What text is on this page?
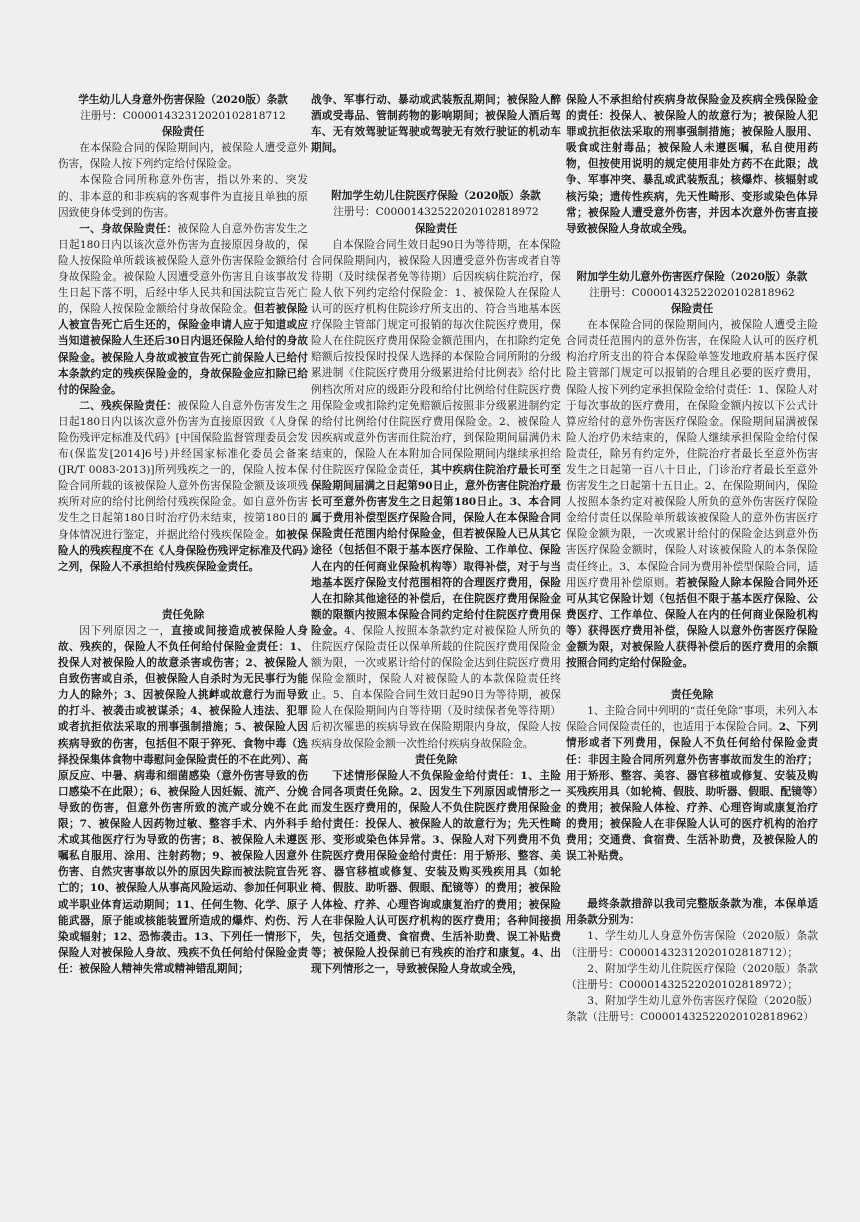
学生幼儿人身意外伤害保险（2020版）条款

注册号：C00001432312020102818712

保险责任

在本保险合同的保险期间内，被保险人遭受意外伤害，保险人按下列约定给付保险金。

本保险合同所称意外伤害，指以外来的、突发的、非本意的和非疾病的客观事件为直接且单独的原因致使身体受到的伤害。

一、身故保险责任：被保险人自意外伤害发生之日起180日内以该次意外伤害为直接原因身故的，保险人按保险单所载该被保险人意外伤害保险金额给付身故保险金。被保险人因遭受意外伤害且自该事故发生日起下落不明，后经中华人民共和国法院宣告死亡的，保险人按保险金额给付身故保险金。但若被保险人被宣告死亡后生还的，保险金申请人应于知道或应当知道被保险人生还后30日内退还保险人给付的身故保险金。被保险人身故或被宣告死亡前保险人已给付本条款约定的残疾保险金的，身故保险金应扣除已给付的保险金。

二、残疾保险责任：被保险人自意外伤害发生之日起180日内以该次意外伤害为直接原因致《人身保险伤残评定标准及代码》[中国保险监督管理委员会发布(保监发[2014]6号)并经国家标准化委员会备案(JR/T 0083-2013)]所列残疾之一的，保险人按本保险合同所载的该被保险人意外伤害保险金额及该项残疾所对应的给付比例给付残疾保险金。如自意外伤害发生之日起第180日时治疗仍未结束，按第180日的身体情况进行鉴定，并据此给付残疾保险金。如被保险人的残疾程度不在《人身保险伤残评定标准及代码》之列，保险人不承担给付残疾保险金责任。

责任免除

因下列原因之一，直接或间接造成被保险人身故、残疾的，保险人不负任何给付保险金责任：1、投保人对被保险人的故意杀害或伤害；2、被保险人自致伤害或自杀，但被保险人自杀时为无民事行为能力人的除外；3、因被保险人挑衅或故意行为而导致的打斗、被袭击或被谋杀；4、被保险人违法、犯罪或者抗拒依法采取的刑事强制措施；5、被保险人因疾病导致的伤害，包括但不限于猝死、食物中毒（选择投保集体食物中毒慰问金保险责任的不在此列）、高原反应、中暑、病毒和细菌感染（意外伤害导致的伤口感染不在此限）；6、被保险人因妊娠、流产、分娩导致的伤害，但意外伤害所致的流产或分娩不在此限；7、被保险人因药物过敏、整容手术、内外科手术或其他医疗行为导致的伤害；8、被保险人未遵医嘱私自服用、涂用、注射药物；9、被保险人因意外伤害、自然灾害事故以外的原因失踪而被法院宣告死亡的；10、被保险人从事高风险运动、参加任何职业或半职业体育运动期间；11、任何生物、化学、原子能武器，原子能或核能装置所造成的爆炸、灼伤、污染或辐射；12、恐怖袭击。13、下列任一情形下，保险人对被保险人身故、残疾不负任何给付保险金责任：被保险人精神失常或精神错乱期间；

战争、军事行动、暴动或武装叛乱期间；被保险人醉酒或受毒品、管制药物的影响期间；被保险人酒后驾车、无有效驾驶证驾驶或驾驶无有效行驶证的机动车期间。

附加学生幼儿住院医疗保险（2020版）条款

注册号：C00001432522020102818972

保险责任

自本保险合同生效日起90日为等待期，在本保险合同保险期间内，被保险人因遭受意外伤害或者自等待期（及时续保者免等待期）后因疾病住院治疗，保险人依下列约定给付保险金：1、被保险人在保险人认可的医疗机构住院诊疗所支出的、符合当地基本医疗保险主管部门规定可报销的每次住院医疗费用，保险人在住院医疗费用保险金额范围内，在扣除约定免赔额后按投保时投保人选择的本保险合同所附的分级累进制《住院医疗费用分级累进给付比例表》给付比例档次所对应的级距分段和给付比例给付住院医疗费用保险金或扣除约定免赔额后按照非分级累进制约定的给付比例给付住院医疗费用保险金。2、被保险人因疾病或意外伤害而住院治疗，到保险期间届满仍未结束的，保险人在本附加合同保险期间内继续承担给付住院医疗保险金责任，其中疾病住院治疗最长可至保险期间届满之日起第90日止，意外伤害住院治疗最长可至意外伤害发生之日起第180日止。3、本合同属于费用补偿型医疗保险合同，保险人在本保险合同保险责任范围内给付保险金，但若被保险人已从其它途径（包括但不限于基本医疗保险、工作单位、保险人在内的任何商业保险机构等）取得补偿，对于与当地基本医疗保险支付范围相符的合理医疗费用，保险人在扣除其他途径的补偿后，在住院医疗费用保险金额的限额内按照本保险合同约定给付住院医疗费用保险金。4、保险人按照本条款约定对被保险人所负的住院医疗保险责任以保单所载的住院医疗费用保险金额为限，一次或累计给付的保险金达到住院医疗费用保险金额时，保险人对被保险人的本款保险责任终止。5、自本保险合同生效日起90日为等待期，被保险人在保险期间内自等待期（及时续保者免等待期）后初次罹患的疾病导致在保险期限内身故，保险人按疾病身故保险金额一次性给付疾病身故保险金。

责任免除

下述情形保险人不负保险金给付责任：1、主险合同各项责任免除。2、因发生下列原因或情形之一而发生医疗费用的，保险人不负住院医疗费用保险金给付责任：投保人、被保险人的故意行为；先天性畸形、变形或染色体异常。3、保险人对下列费用不负住院医疗费用保险金给付责任：用于矫形、整容、美容、器官移植或修复、安装及购买残疾用具（如轮椅、假肢、助听器、假眼、配镜等）的费用；被保险人体检、疗养、心理咨询或康复治疗的费用；被保险人在非保险人认可医疗机构的医疗费用；各种间接损失，包括交通费、食宿费、生活补助费、误工补贴费等；被保险人投保前已有残疾的治疗和康复。4、出现下列情形之一，导致被保险人身故或全残，

保险人不承担给付疾病身故保险金及疾病全残保险金的责任：投保人、被保险人的故意行为；被保险人犯罪或抗拒依法采取的刑事强制措施；被保险人服用、吸食或注射毒品；被保险人未遵医嘱，私自使用药物，但按使用说明的规定使用非处方药不在此限；战争、军事冲突、暴乱或武装叛乱；核爆炸、核辐射或核污染；遗传性疾病，先天性畸形、变形或染色体异常；被保险人遭受意外伤害，并因本次意外伤害直接导致被保险人身故或全残。

附加学生幼儿意外伤害医疗保险（2020版）条款

注册号：C00001432522020102818962

保险责任

在本保险合同的保险期间内，被保险人遭受主险合同责任范围内的意外伤害，在保险人认可的医疗机构治疗所支出的符合本保险单签发地政府基本医疗保险主管部门规定可以报销的合理且必要的医疗费用，保险人按下列约定承担保险金给付责任：1、保险人对于每次事故的医疗费用，在保险金额内按以下公式计算应给付的意外伤害医疗保险金。保险期间届满被保险人治疗仍未结束的，保险人继续承担保险金给付保险责任，除另有约定外，住院治疗者最长至意外伤害发生之日起第一百八十日止，门诊治疗者最长至意外伤害发生之日起第十五日止。2、在保险期间内，保险人按照本条约定对被保险人所负的意外伤害医疗保险金给付责任以保险单所载该被保险人的意外伤害医疗保险金额为限，一次或累计给付的保险金达到意外伤害医疗保险金额时，保险人对该被保险人的本条保险责任终止。3、本保险合同为费用补偿型保险合同，适用医疗费用补偿原则。若被保险人除本保险合同外还可从其它保险计划（包括但不限于基本医疗保险、公费医疗、工作单位、保险人在内的任何商业保险机构等）获得医疗费用补偿，保险人以意外伤害医疗保险金额为限，对被保险人获得补偿后的医疗费用的余额按照合同约定给付保险金。

责任免除

1、主险合同中列明的“责任免除”事项，未列入本保险合同保险责任的，也适用于本保险合同。2、下列情形或者下列费用，保险人不负任何给付保险金责任：非因主险合同所列意外伤害事故而发生的治疗；用于矫形、整容、美容、器官移植或修复、安装及购买残疾用具（如轮椅、假肢、助听器、假眼、配镜等）的费用；被保险人体检、疗养、心理咨询或康复治疗的费用；被保险人在非保险人认可的医疗机构的治疗费用；交通费、食宿费、生活补助费，及被保险人的误工补贴费。

最终条款措辞以我司完整版条款为准，本保单适用条款分别为：

1、学生幼儿人身意外伤害保险（2020版）条款（注册号：C00001432312020102818712）；

2、附加学生幼儿住院医疗保险（2020版）条款（注册号：C00001432522020102818972）；

3、附加学生幼儿意外伤害医疗保险（2020版）条款（注册号：C00001432522020102818962）
